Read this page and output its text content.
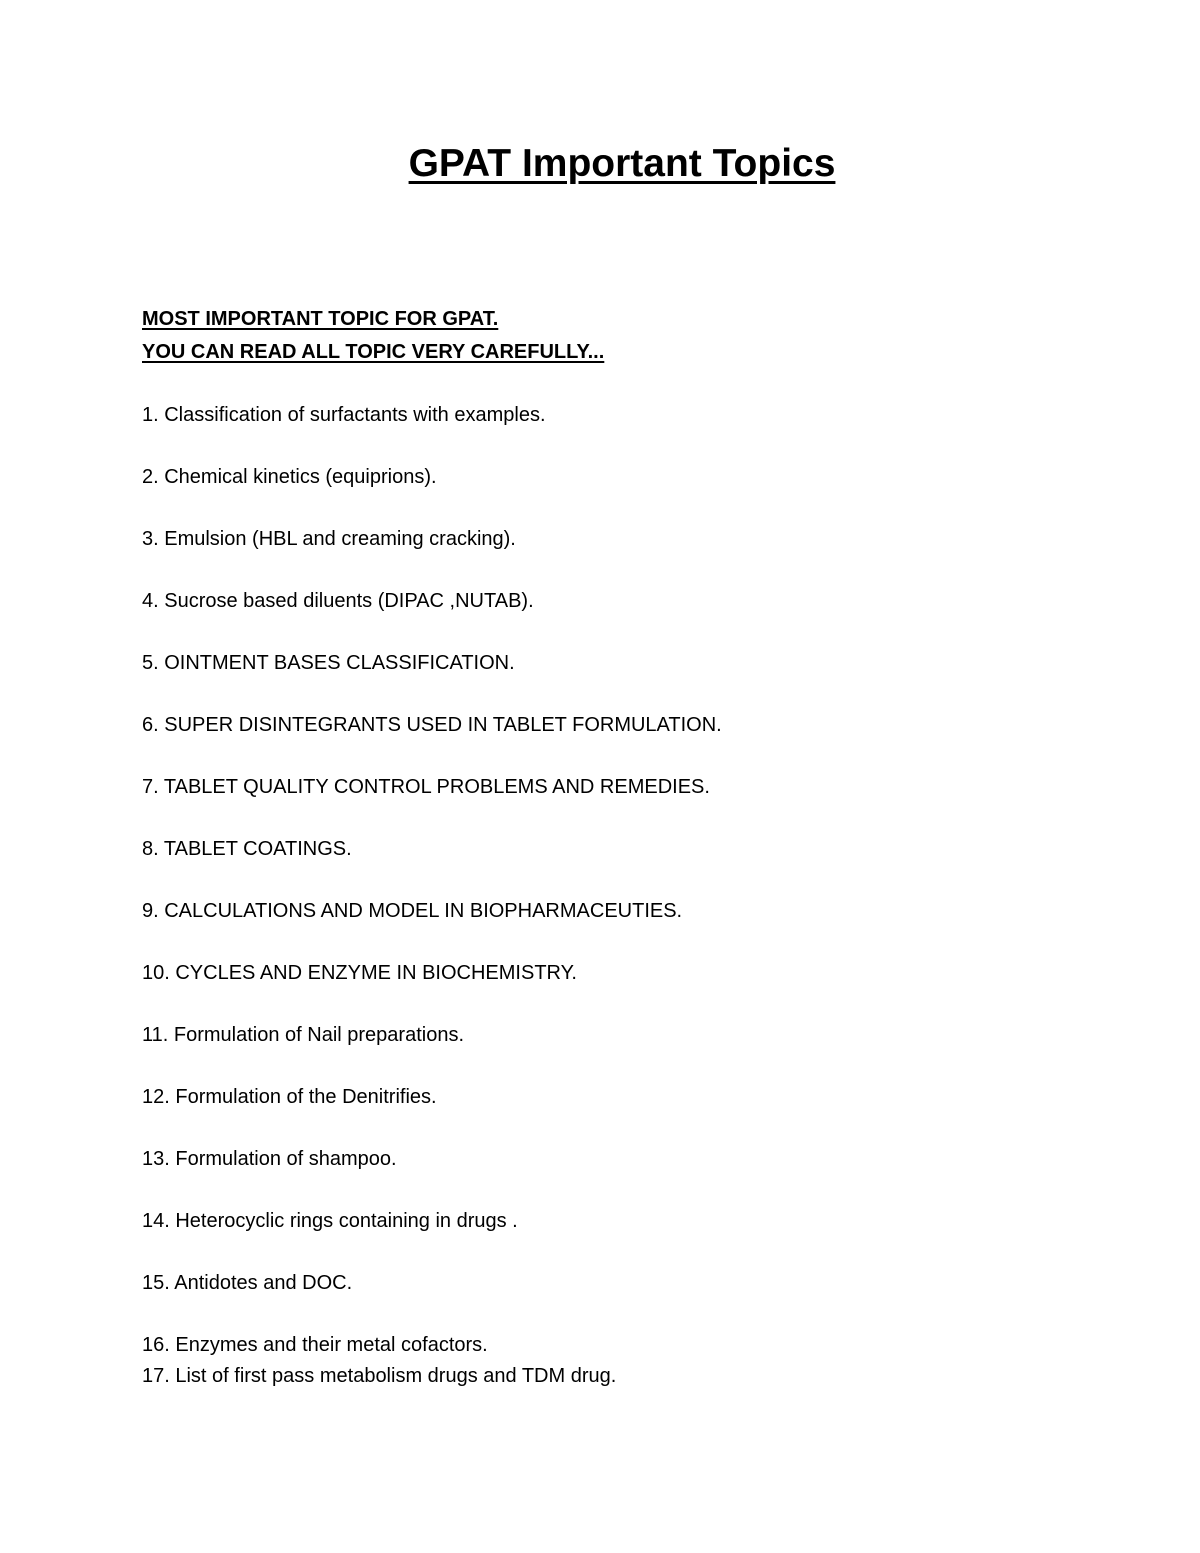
GPAT Important Topics
MOST IMPORTANT TOPIC FOR GPAT.
YOU CAN READ ALL TOPIC VERY CAREFULLY...
1. Classification of surfactants with examples.
2. Chemical kinetics (equiprions).
3. Emulsion (HBL and creaming cracking).
4. Sucrose based diluents (DIPAC ,NUTAB).
5. OINTMENT BASES CLASSIFICATION.
6. SUPER DISINTEGRANTS USED IN TABLET FORMULATION.
7. TABLET QUALITY CONTROL PROBLEMS AND REMEDIES.
8. TABLET COATINGS.
9. CALCULATIONS AND MODEL IN BIOPHARMACEUTIES.
10. CYCLES AND ENZYME IN BIOCHEMISTRY.
11. Formulation of Nail preparations.
12. Formulation of the Denitrifies.
13. Formulation of shampoo.
14. Heterocyclic rings containing in drugs .
15. Antidotes and DOC.
16. Enzymes and their metal cofactors.
17. List of first pass metabolism drugs and TDM drug.
